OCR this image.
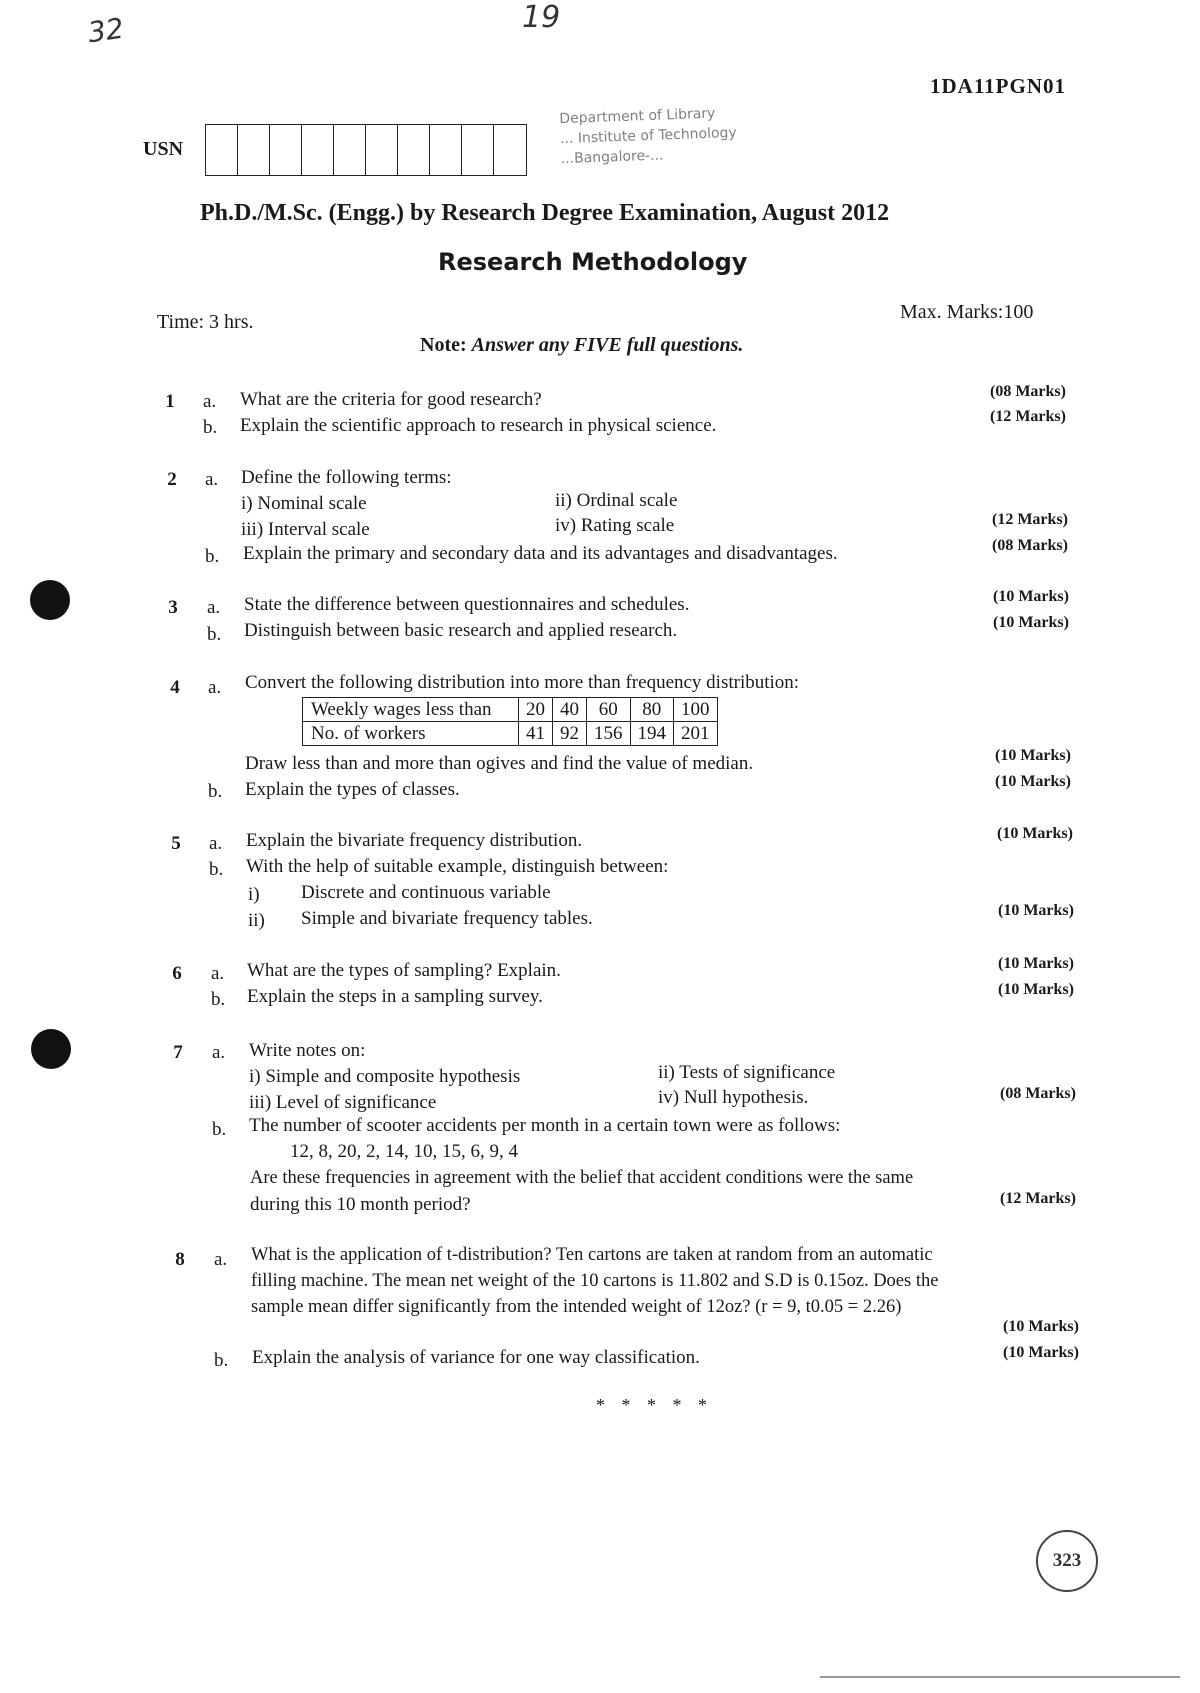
32	19
1DA11PGN01
USN
Department of Library
... Institute of Technology
...Bangalore-...
Ph.D./M.Sc. (Engg.) by Research Degree Examination, August 2012
Research Methodology
Time: 3 hrs.	Max. Marks:100
Note: Answer any FIVE full questions.
1 a. What are the criteria for good research?	(08 Marks)
b. Explain the scientific approach to research in physical science.	(12 Marks)
2 a. Define the following terms:
i) Nominal scale	ii) Ordinal scale
iii) Interval scale	iv) Rating scale	(12 Marks)
b. Explain the primary and secondary data and its advantages and disadvantages.	(08 Marks)
3 a. State the difference between questionnaires and schedules.	(10 Marks)
b. Distinguish between basic research and applied research.	(10 Marks)
4 a. Convert the following distribution into more than frequency distribution:
Weekly wages less than	20	40	60	80	100
No. of workers	41	92	156	194	201
Draw less than and more than ogives and find the value of median.	(10 Marks)
b. Explain the types of classes.	(10 Marks)
5 a. Explain the bivariate frequency distribution.	(10 Marks)
b. With the help of suitable example, distinguish between:
i) Discrete and continuous variable
ii) Simple and bivariate frequency tables.	(10 Marks)
6 a. What are the types of sampling? Explain.	(10 Marks)
b. Explain the steps in a sampling survey.	(10 Marks)
7 a. Write notes on:
i) Simple and composite hypothesis	ii) Tests of significance
iii) Level of significance	iv) Null hypothesis.	(08 Marks)
b. The number of scooter accidents per month in a certain town were as follows:
12, 8, 20, 2, 14, 10, 15, 6, 9, 4
Are these frequencies in agreement with the belief that accident conditions were the same
during this 10 month period?	(12 Marks)
8 a. What is the application of t-distribution? Ten cartons are taken at random from an automatic
filling machine. The mean net weight of the 10 cartons is 11.802 and S.D is 0.15oz. Does the
sample mean differ significantly from the intended weight of 12oz? (r = 9, t0.05 = 2.26)
(10 Marks)
b. Explain the analysis of variance for one way classification.	(10 Marks)
* * * * *
323
